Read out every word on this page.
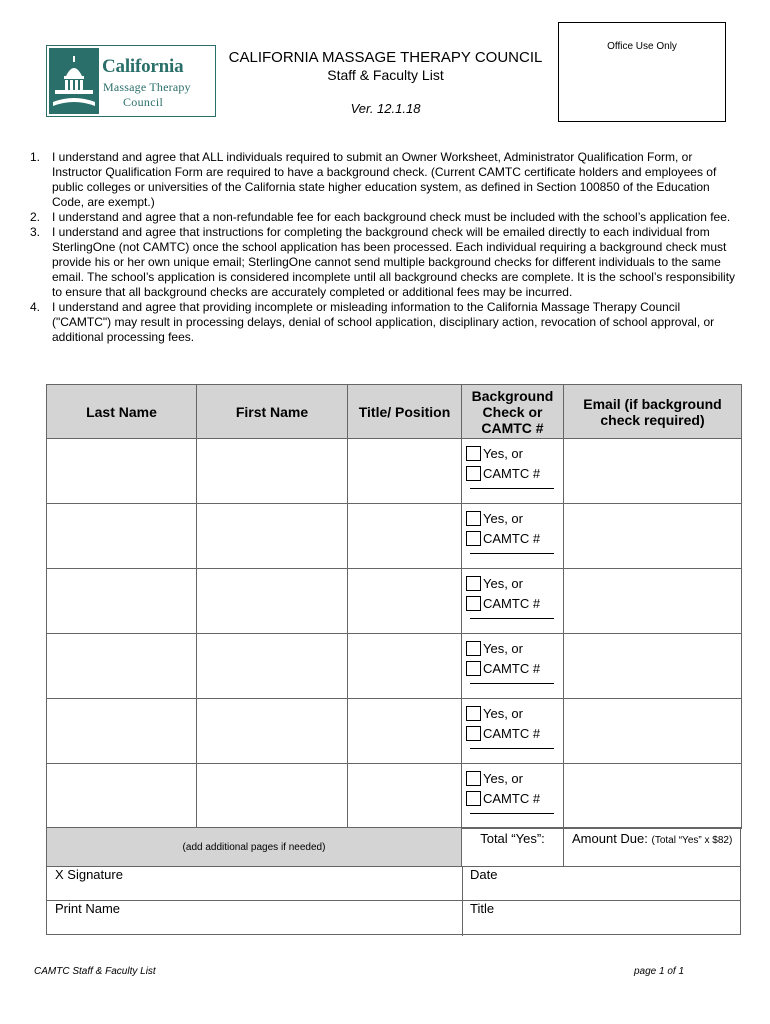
California
Massage Therapy
Council
CALIFORNIA MASSAGE THERAPY COUNCIL
Staff & Faculty List
Ver. 12.1.18
Office Use Only
1. I understand and agree that ALL individuals required to submit an Owner Worksheet, Administrator Qualification Form, or Instructor Qualification Form are required to have a background check. (Current CAMTC certificate holders and employees of public colleges or universities of the California state higher education system, as defined in Section 100850 of the Education Code, are exempt.)
2. I understand and agree that a non-refundable fee for each background check must be included with the school’s application fee.
3. I understand and agree that instructions for completing the background check will be emailed directly to each individual from SterlingOne (not CAMTC) once the school application has been processed. Each individual requiring a background check must provide his or her own unique email; SterlingOne cannot send multiple background checks for different individuals to the same email. The school’s application is considered incomplete until all background checks are complete. It is the school’s responsibility to ensure that all background checks are accurately completed or additional fees may be incurred.
4. I understand and agree that providing incomplete or misleading information to the California Massage Therapy Council ("CAMTC") may result in processing delays, denial of school application, disciplinary action, revocation of school approval, or additional processing fees.
Last Name	First Name	Title/ Position	Background Check or CAMTC #	Email (if background check required)

			Yes, or
CAMTC #	

			Yes, or
CAMTC #	

			Yes, or
CAMTC #	

			Yes, or
CAMTC #	

			Yes, or
CAMTC #	

			Yes, or
CAMTC #	

(add additional pages if needed)
Total “Yes”:	Amount Due: (Total “Yes” x $82)
X Signature	Date
Print Name	Title
CAMTC Staff & Faculty List	page 1 of 1
